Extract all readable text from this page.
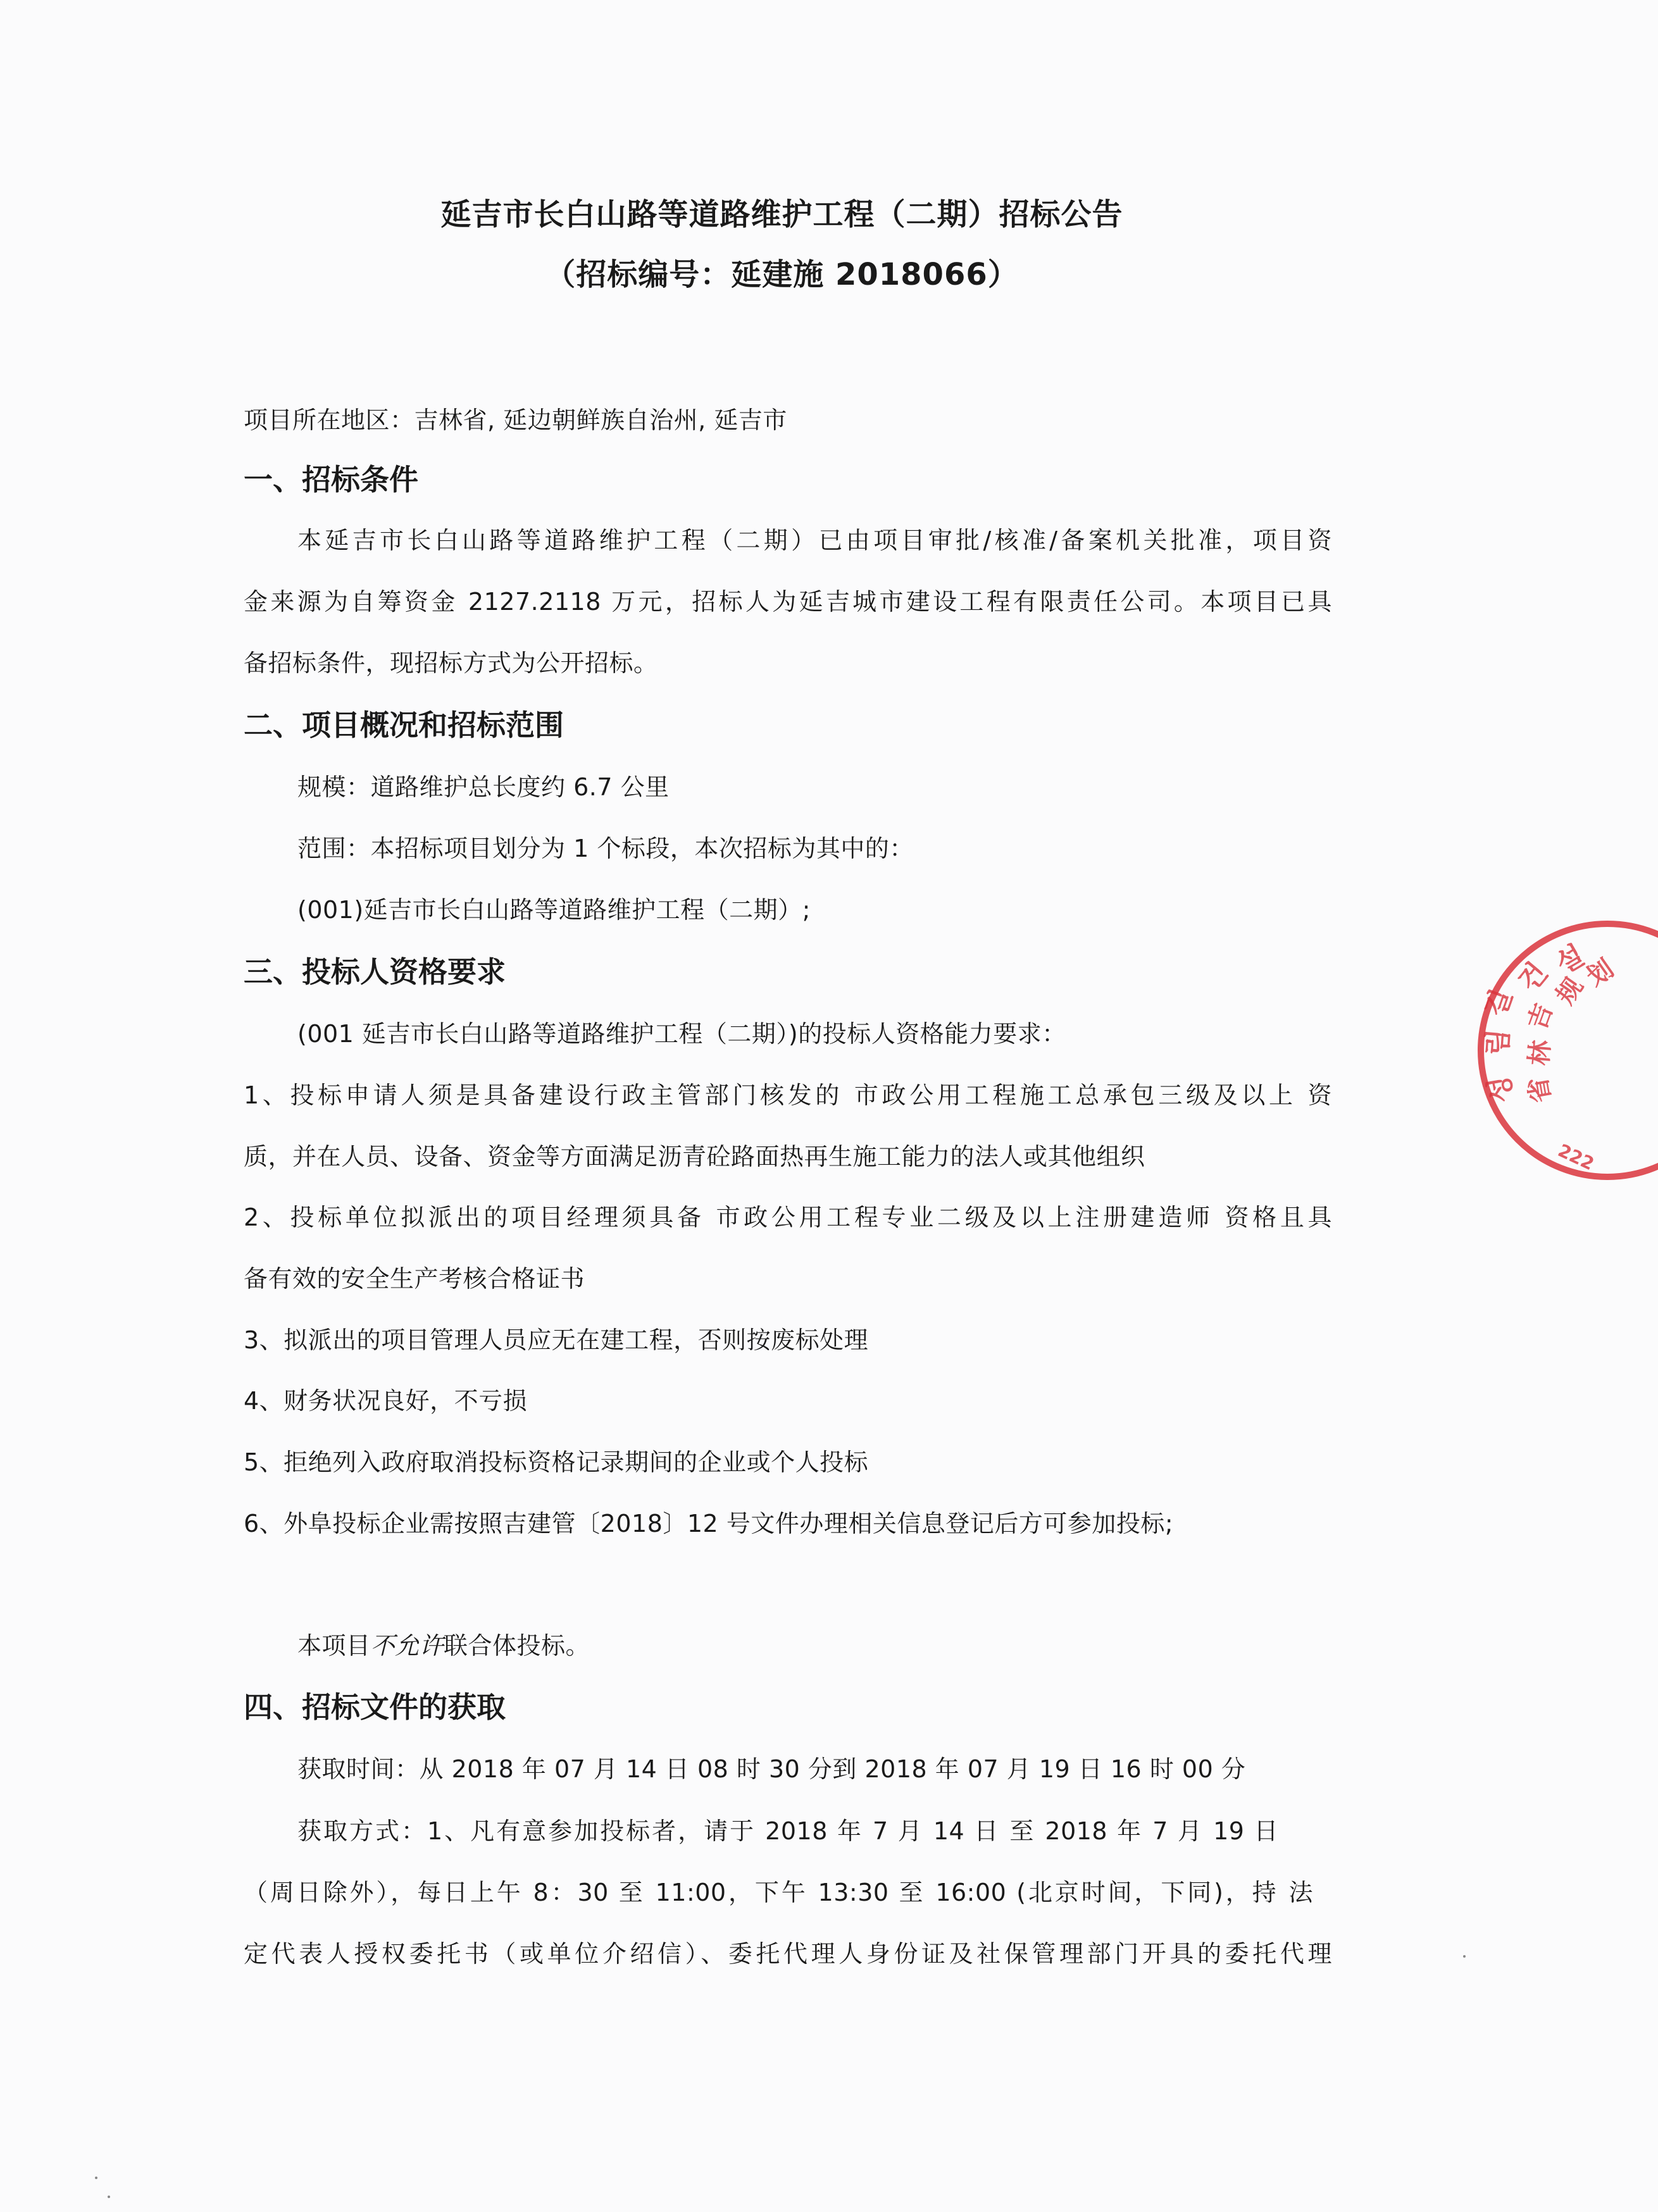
延吉市长白山路等道路维护工程（二期）招标公告
（招标编号：延建施 2018066）
项目所在地区：吉林省, 延边朝鲜族自治州, 延吉市
一、招标条件
本延吉市长白山路等道路维护工程（二期）已由项目审批/核准/备案机关批准，项目资
金来源为自筹资金 2127.2118 万元，招标人为延吉城市建设工程有限责任公司。本项目已具
备招标条件，现招标方式为公开招标。
二、项目概况和招标范围
规模：道路维护总长度约 6.7 公里
范围：本招标项目划分为 1 个标段，本次招标为其中的：
(001)延吉市长白山路等道路维护工程（二期）;
三、投标人资格要求
(001 延吉市长白山路等道路维护工程（二期）)的投标人资格能力要求：
1、投标申请人须是具备建设行政主管部门核发的 市政公用工程施工总承包三级及以上 资
质，并在人员、设备、资金等方面满足沥青砼路面热再生施工能力的法人或其他组织
2、投标单位拟派出的项目经理须具备 市政公用工程专业二级及以上注册建造师 资格且具
备有效的安全生产考核合格证书
3、拟派出的项目管理人员应无在建工程，否则按废标处理
4、财务状况良好，不亏损
5、拒绝列入政府取消投标资格记录期间的企业或个人投标
6、外阜投标企业需按照吉建管〔2018〕12 号文件办理相关信息登记后方可参加投标;
本项目不允许联合体投标。
四、招标文件的获取
获取时间：从 2018 年 07 月 14 日 08 时 30 分到 2018 年 07 月 19 日 16 时 00 分
获取方式：1、凡有意参加投标者，请于 2018 年 7 月 14 日 至 2018 年 7 月 19 日
（周日除外），每日上午 8：30 至 11:00，下午 13:30 至 16:00 (北京时间，下同)，持 法
定代表人授权委托书（或单位介绍信）、委托代理人身份证及社保管理部门开具的委托代理
길
림
성
건
설
吉
林
省
规
划
222
